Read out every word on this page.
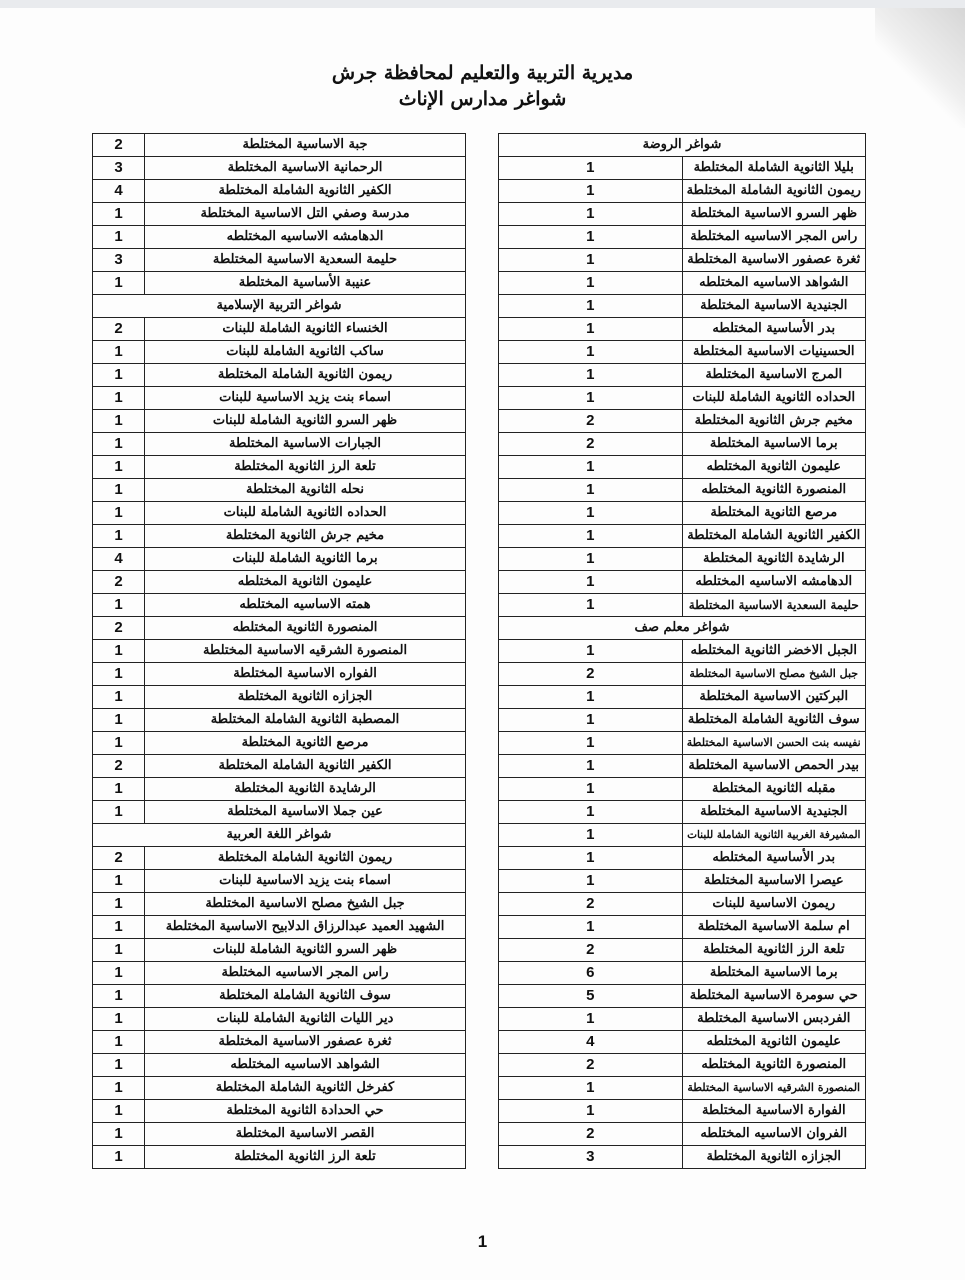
مديرية التربية والتعليم لمحافظة جرش
شواغر مدارس الإناث
شواغر الروضة	
بليلا الثانوية الشاملة المختلطة	1
ريمون الثانوية الشاملة المختلطة	1
ظهر السرو الاساسية المختلطة	1
راس المجر الاساسيه المختلطة	1
ثغرة عصفور الاساسية المختلطة	1
الشواهد الاساسيه المختلطه	1
الجنيدية الاساسية المختلطة	1
بدر الأساسية المختلطه	1
الحسينيات الاساسية المختلطة	1
المرج الاساسية المختلطة	1
الحداده الثانوية الشاملة للبنات	1
مخيم جرش الثانوية المختلطة	2
برما الاساسية المختلطة	2
عليمون الثانوية المختلطه	1
المنصورة الثانوية المختلطه	1
مرصع الثانوية المختلطة	1
الكفير الثانوية الشاملة المختلطة	1
الرشايدة الثانوية المختلطة	1
الدهامشه الاساسيه المختلطه	1
حليمة السعدية الاساسية المختلطة	1
شواغر معلم صف	
الجبل الاخضر الثانوية المختلطه	1
جبل الشيخ مصلح الاساسية المختلطة	2
البركتين الاساسية المختلطة	1
سوف الثانوية الشاملة المختلطة	1
نفيسه بنت الحسن الاساسية المختلطة	1
بيدر الحمص الاساسية المختلطة	1
مقبله الثانوية المختلطة	1
الجنيدية الاساسية المختلطة	1
المشيرفة الغربية الثانوية الشاملة للبنات	1
بدر الأساسية المختلطه	1
عيصرا الاساسية المختلطة	1
ريمون الاساسية للبنات	2
ام سلمة الاساسية المختلطة	1
تلعة الرز الثانوية المختلطة	2
برما الاساسية المختلطة	6
حي سومرة الاساسية المختلطة	5
الفردبس الاساسية المختلطة	1
عليمون الثانوية المختلطه	4
المنصورة الثانوية المختلطه	2
المنصورة الشرقيه الاساسية المختلطة	1
الفوارة الاساسية المختلطة	1
الفروان الاساسيه المختلطه	2
الجزازه الثانوية المختلطة	3
جبة الاساسية المختلطة	2
الرحمانية الاساسية المختلطة	3
الكفير الثانوية الشاملة المختلطة	4
مدرسة وصفي التل الاساسية المختلطة	1
الدهامشه الاساسيه المختلطه	1
حليمة السعدية الاساسية المختلطة	3
عنيبة الأساسية المختلطة	1
شواغر التربية الإسلامية	
الخنساء الثانوية الشاملة للبنات	2
ساكب الثانوية الشاملة للبنات	1
ريمون الثانوية الشاملة المختلطة	1
اسماء بنت يزيد الاساسية للبنات	1
ظهر السرو الثانوية الشاملة للبنات	1
الجبارات الاساسية المختلطة	1
تلعة الرز الثانوية المختلطة	1
نحله الثانوية المختلطة	1
الحداده الثانوية الشاملة للبنات	1
مخيم جرش الثانوية المختلطة	1
برما الثانوية الشاملة للبنات	4
عليمون الثانوية المختلطه	2
همته الاساسيه المختلطه	1
المنصورة الثانوية المختلطه	2
المنصورة الشرقيه الاساسية المختلطة	1
الفواره الاساسية المختلطة	1
الجزازه الثانوية المختلطة	1
المصطبة الثانوية الشاملة المختلطة	1
مرصع الثانوية المختلطة	1
الكفير الثانوية الشاملة المختلطة	2
الرشايدة الثانوية المختلطة	1
عين جملا الاساسية المختلطة	1
شواغر اللغة العربية	
ريمون الثانوية الشاملة المختلطة	2
اسماء بنت يزيد الاساسية للبنات	1
جبل الشيخ مصلح الاساسية المختلطة	1
الشهيد العميد عبدالرزاق الدلابيح الاساسية المختلطة	1
ظهر السرو الثانوية الشاملة للبنات	1
راس المجر الاساسيه المختلطة	1
سوف الثانوية الشاملة المختلطة	1
دير الليات الثانوية الشاملة للبنات	1
ثغرة عصفور الاساسية المختلطة	1
الشواهد الاساسيه المختلطه	1
كفرخل الثانوية الشاملة المختلطة	1
حي الحدادة الثانوية المختلطة	1
القصر الاساسية المختلطة	1
تلعة الرز الثانوية المختلطة	1
1
